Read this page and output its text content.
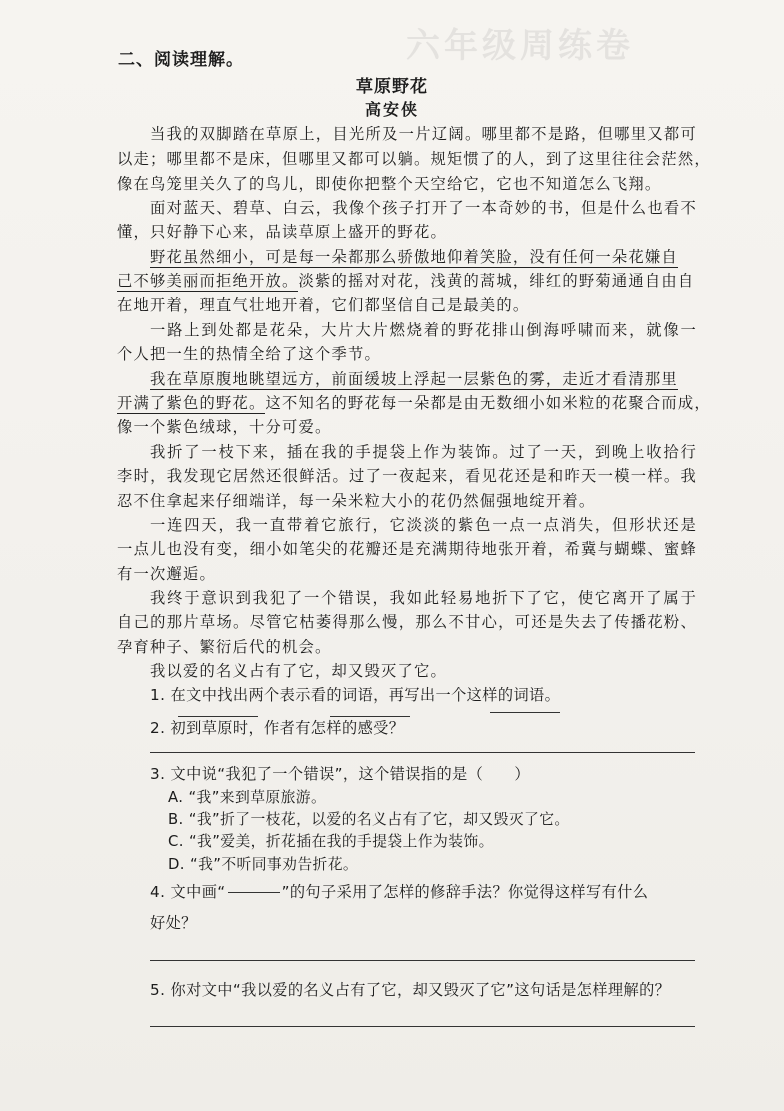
六年级周练卷
二、阅读理解。
草原野花
高安侠
当我的双脚踏在草原上，目光所及一片辽阔。哪里都不是路，但哪里又都可
以走；哪里都不是床，但哪里又都可以躺。规矩惯了的人，到了这里往往会茫然，
像在鸟笼里关久了的鸟儿，即使你把整个天空给它，它也不知道怎么飞翔。
面对蓝天、碧草、白云，我像个孩子打开了一本奇妙的书，但是什么也看不
懂，只好静下心来，品读草原上盛开的野花。
野花虽然细小，可是每一朵都那么骄傲地仰着笑脸，没有任何一朵花嫌自
己不够美丽而拒绝开放。淡紫的摇对对花，浅黄的蒿城，绯红的野菊通通自由自
在地开着，理直气壮地开着，它们都坚信自己是最美的。
一路上到处都是花朵，大片大片燃烧着的野花排山倒海呼啸而来，就像一
个人把一生的热情全给了这个季节。
我在草原腹地眺望远方，前面缓坡上浮起一层紫色的雾，走近才看清那里
开满了紫色的野花。这不知名的野花每一朵都是由无数细小如米粒的花聚合而成，
像一个紫色绒球，十分可爱。
我折了一枝下来，插在我的手提袋上作为装饰。过了一天，到晚上收拾行
李时，我发现它居然还很鲜活。过了一夜起来，看见花还是和昨天一模一样。我
忍不住拿起来仔细端详，每一朵米粒大小的花仍然倔强地绽开着。
一连四天，我一直带着它旅行，它淡淡的紫色一点一点消失，但形状还是
一点儿也没有变，细小如笔尖的花瓣还是充满期待地张开着，希冀与蝴蝶、蜜蜂
有一次邂逅。
我终于意识到我犯了一个错误，我如此轻易地折下了它，使它离开了属于
自己的那片草场。尽管它枯萎得那么慢，那么不甘心，可还是失去了传播花粉、
孕育种子、繁衍后代的机会。
我以爱的名义占有了它，却又毁灭了它。
1. 在文中找出两个表示看的词语，再写出一个这样的词语。
2. 初到草原时，作者有怎样的感受？
3. 文中说“我犯了一个错误”，这个错误指的是（　　）
A. “我”来到草原旅游。
B. “我”折了一枝花，以爱的名义占有了它，却又毁灭了它。
C. “我”爱美，折花插在我的手提袋上作为装饰。
D. “我”不听同事劝告折花。
4. 文中画“	”的句子采用了怎样的修辞手法？你觉得这样写有什么
好处？
5. 你对文中“我以爱的名义占有了它，却又毁灭了它”这句话是怎样理解的？
